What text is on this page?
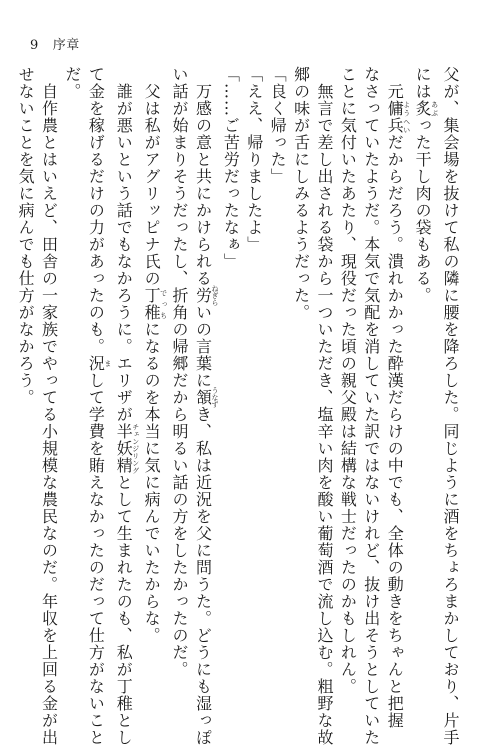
9 序章
父が、集会場を抜けて私の隣に腰を降ろした。同じように酒をちょろまかしており、片手
には炙あぶった干し肉の袋もある。
　元傭兵ようへいだからだろう。潰れかかった酔漢だらけの中でも、全体の動きをちゃんと把握
なさっていたようだ。本気で気配を消していた訳ではないけれど、抜け出そうとしていた
ことに気付いたあたり、現役だった頃の親父殿は結構な戦士だったのかもしれん。
　無言で差し出される袋から一ついただき、塩辛い肉を酸い葡萄酒で流し込む。粗野な故
郷の味が舌にしみるようだった。
「良く帰った」
「ええ、帰りましたよ」
「……ご苦労だったなぁ」
　万感の意と共にかけられる労ねぎらいの言葉に頷うなずき、私は近況を父に問うた。どうにも湿っぽ
い話が始まりそうだったし、折角の帰郷だから明るい話の方をしたかったのだ。
　父は私がアグリッピナ氏の丁稚でっちになるのを本当に気に病んでいたからな。
　誰が悪いという話でもなかろうに。エリザが半妖精チェンジリングとして生まれたのも、私が丁稚とし
て金を稼げるだけの力があったのも。況まして学費を賄えなかったのだって仕方がないこと
だ。
　自作農とはいえど、田舎の一家族でやってる小規模な農民なのだ。年収を上回る金が出
せないことを気に病んでも仕方がなかろう。
